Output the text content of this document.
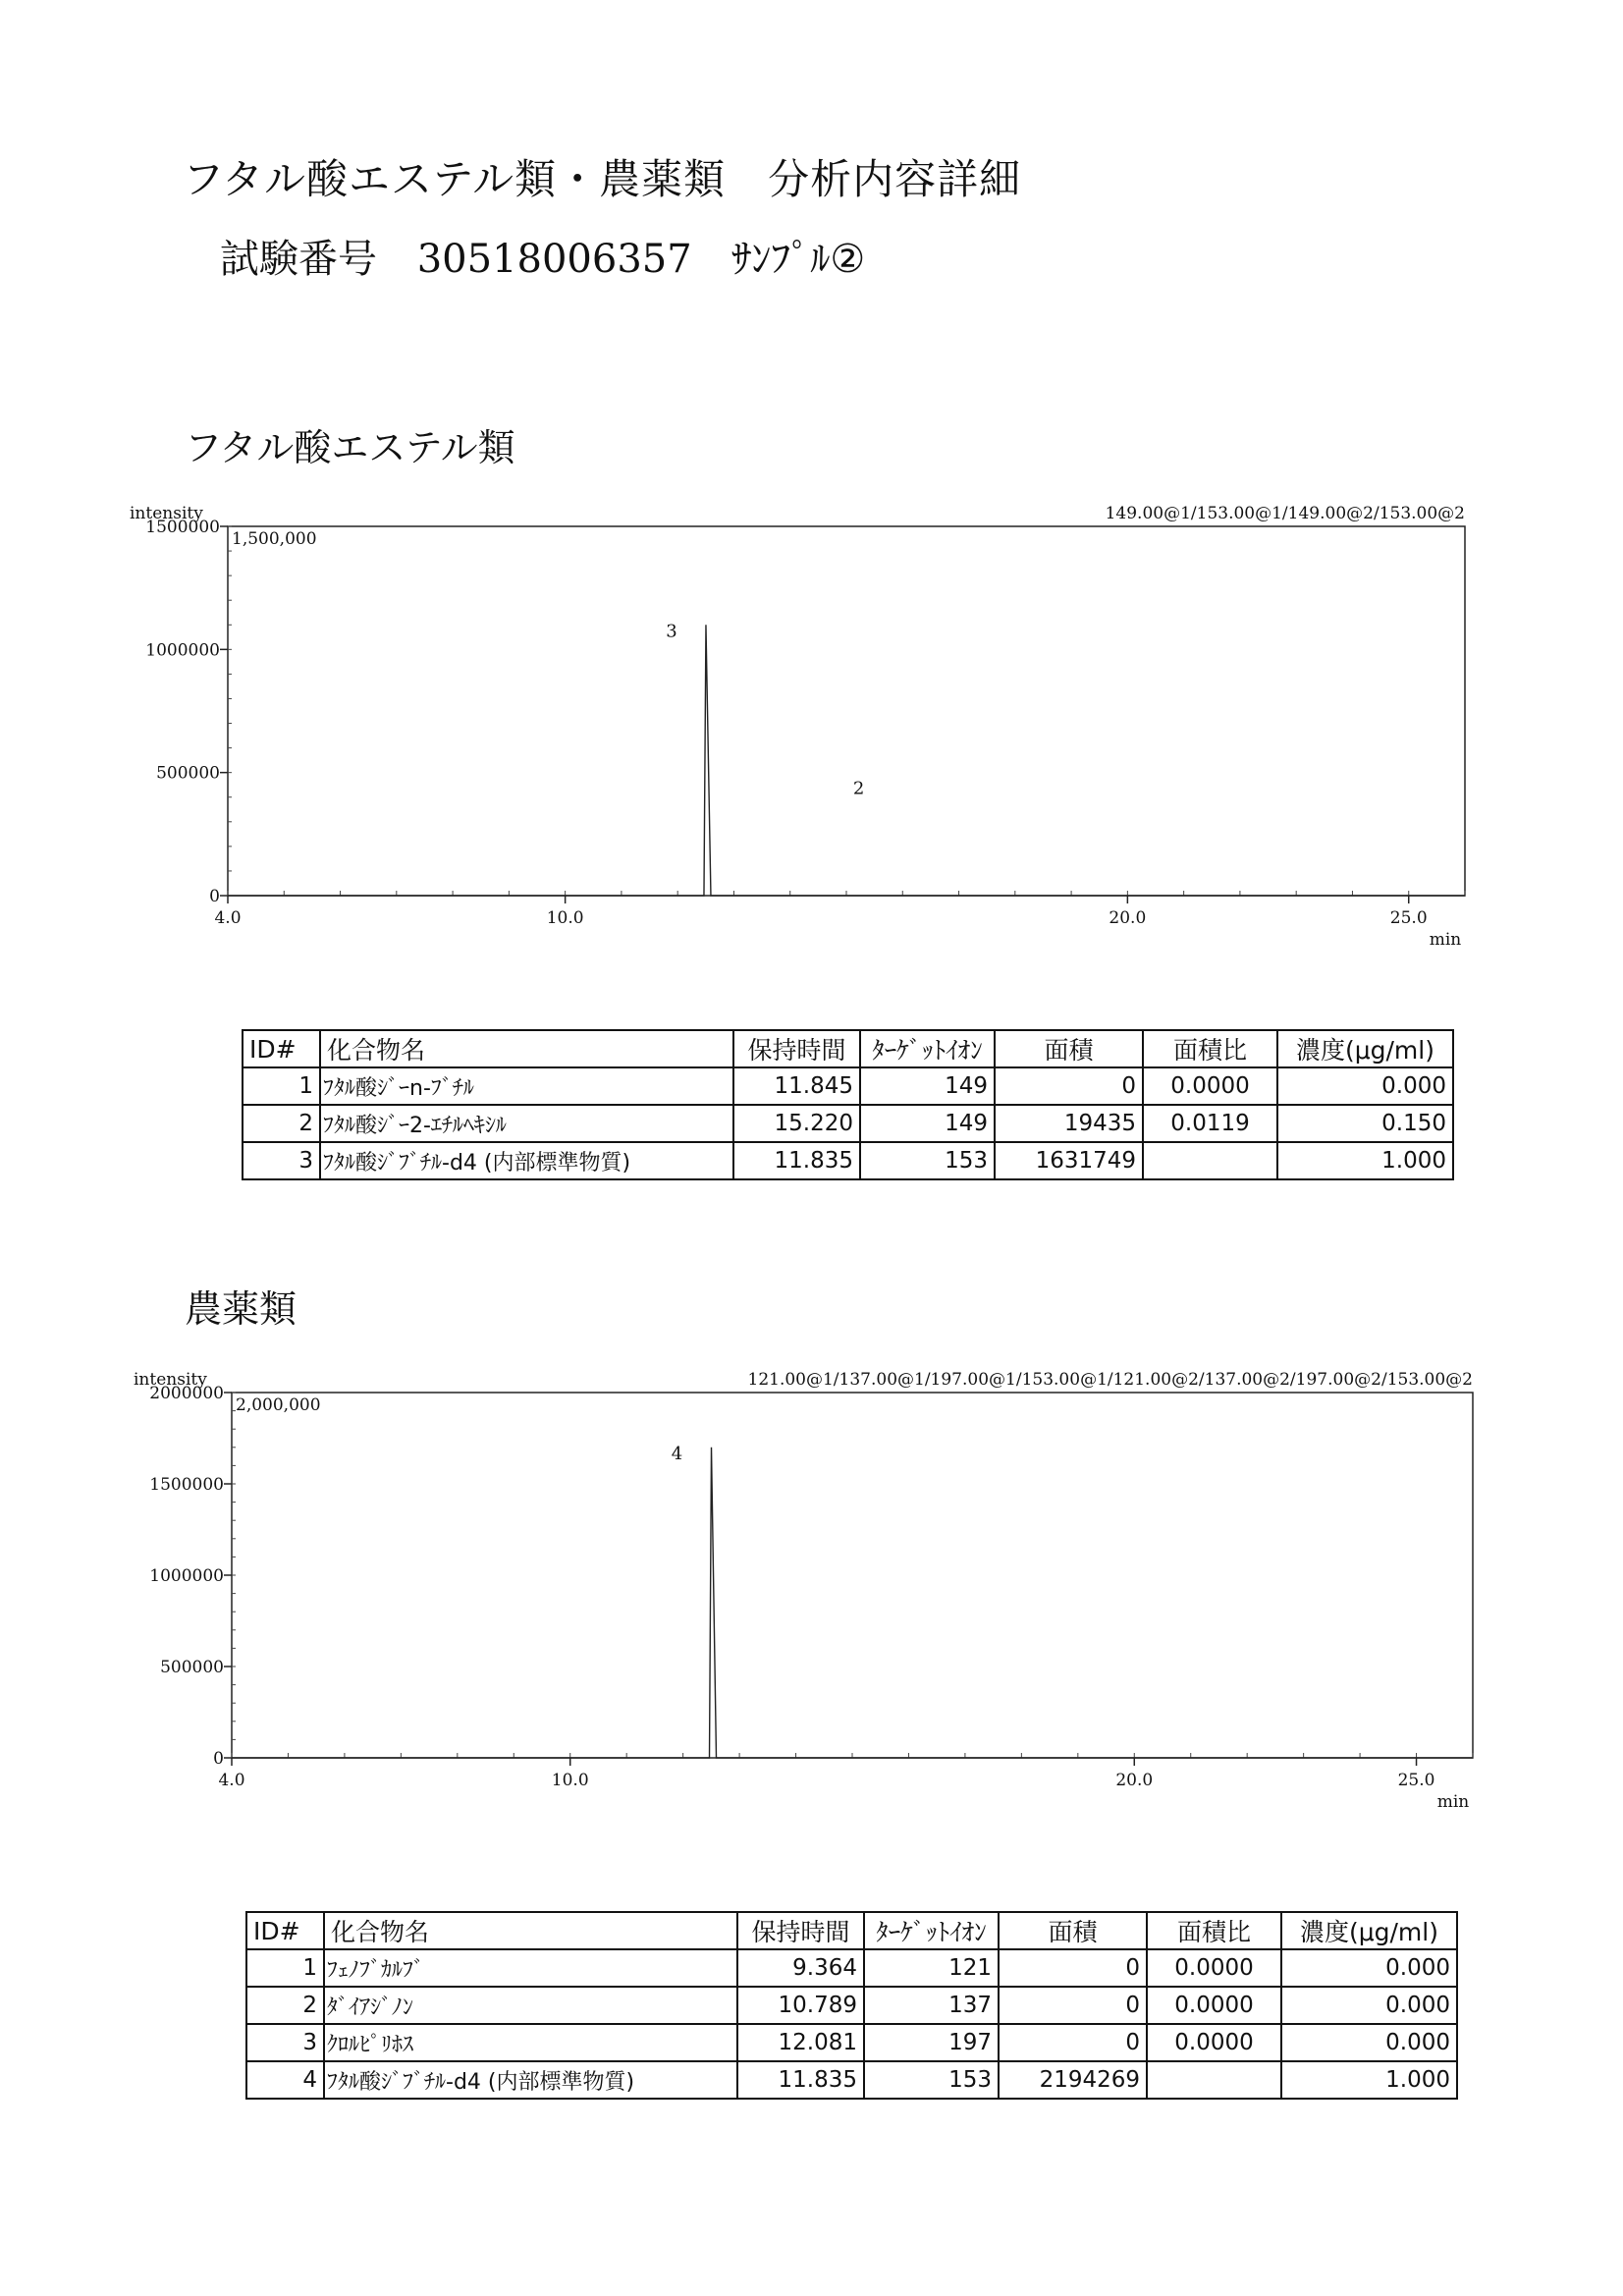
フタル酸エステル類・農薬類　分析内容詳細
試験番号 30518006357 ｻﾝﾌﾟﾙ②
フタル酸エステル類
intensity
1,500,000
149.00@1/153.00@1/149.00@2/153.00@2
0
500000
1000000
1500000
4.0	10.0	20.0	25.0
min
3
2
ID#	化合物名	保持時間	ﾀｰｹﾞｯﾄｲｵﾝ	面積	面積比	濃度(μg/ml)
1	ﾌﾀﾙ酸ｼﾞｰn-ﾌﾞﾁﾙ	11.845	149	0	0.0000	0.000
2	ﾌﾀﾙ酸ｼﾞｰ2-ｴﾁﾙﾍｷｼﾙ	15.220	149	19435	0.0119	0.150
3	ﾌﾀﾙ酸ｼﾞﾌﾞﾁﾙ-d4 (内部標準物質)	11.835	153	1631749		1.000
農薬類
intensity
2,000,000
121.00@1/137.00@1/197.00@1/153.00@1/121.00@2/137.00@2/197.00@2/153.00@2
0
500000
1000000
1500000
2000000
4.0	10.0	20.0	25.0
min
4
ID#	化合物名	保持時間	ﾀｰｹﾞｯﾄｲｵﾝ	面積	面積比	濃度(μg/ml)
1	ﾌｪﾉﾌﾞｶﾙﾌﾞ	9.364	121	0	0.0000	0.000
2	ﾀﾞｲｱｼﾞﾉﾝ	10.789	137	0	0.0000	0.000
3	ｸﾛﾙﾋﾟﾘﾎｽ	12.081	197	0	0.0000	0.000
4	ﾌﾀﾙ酸ｼﾞﾌﾞﾁﾙ-d4 (内部標準物質)	11.835	153	2194269		1.000
